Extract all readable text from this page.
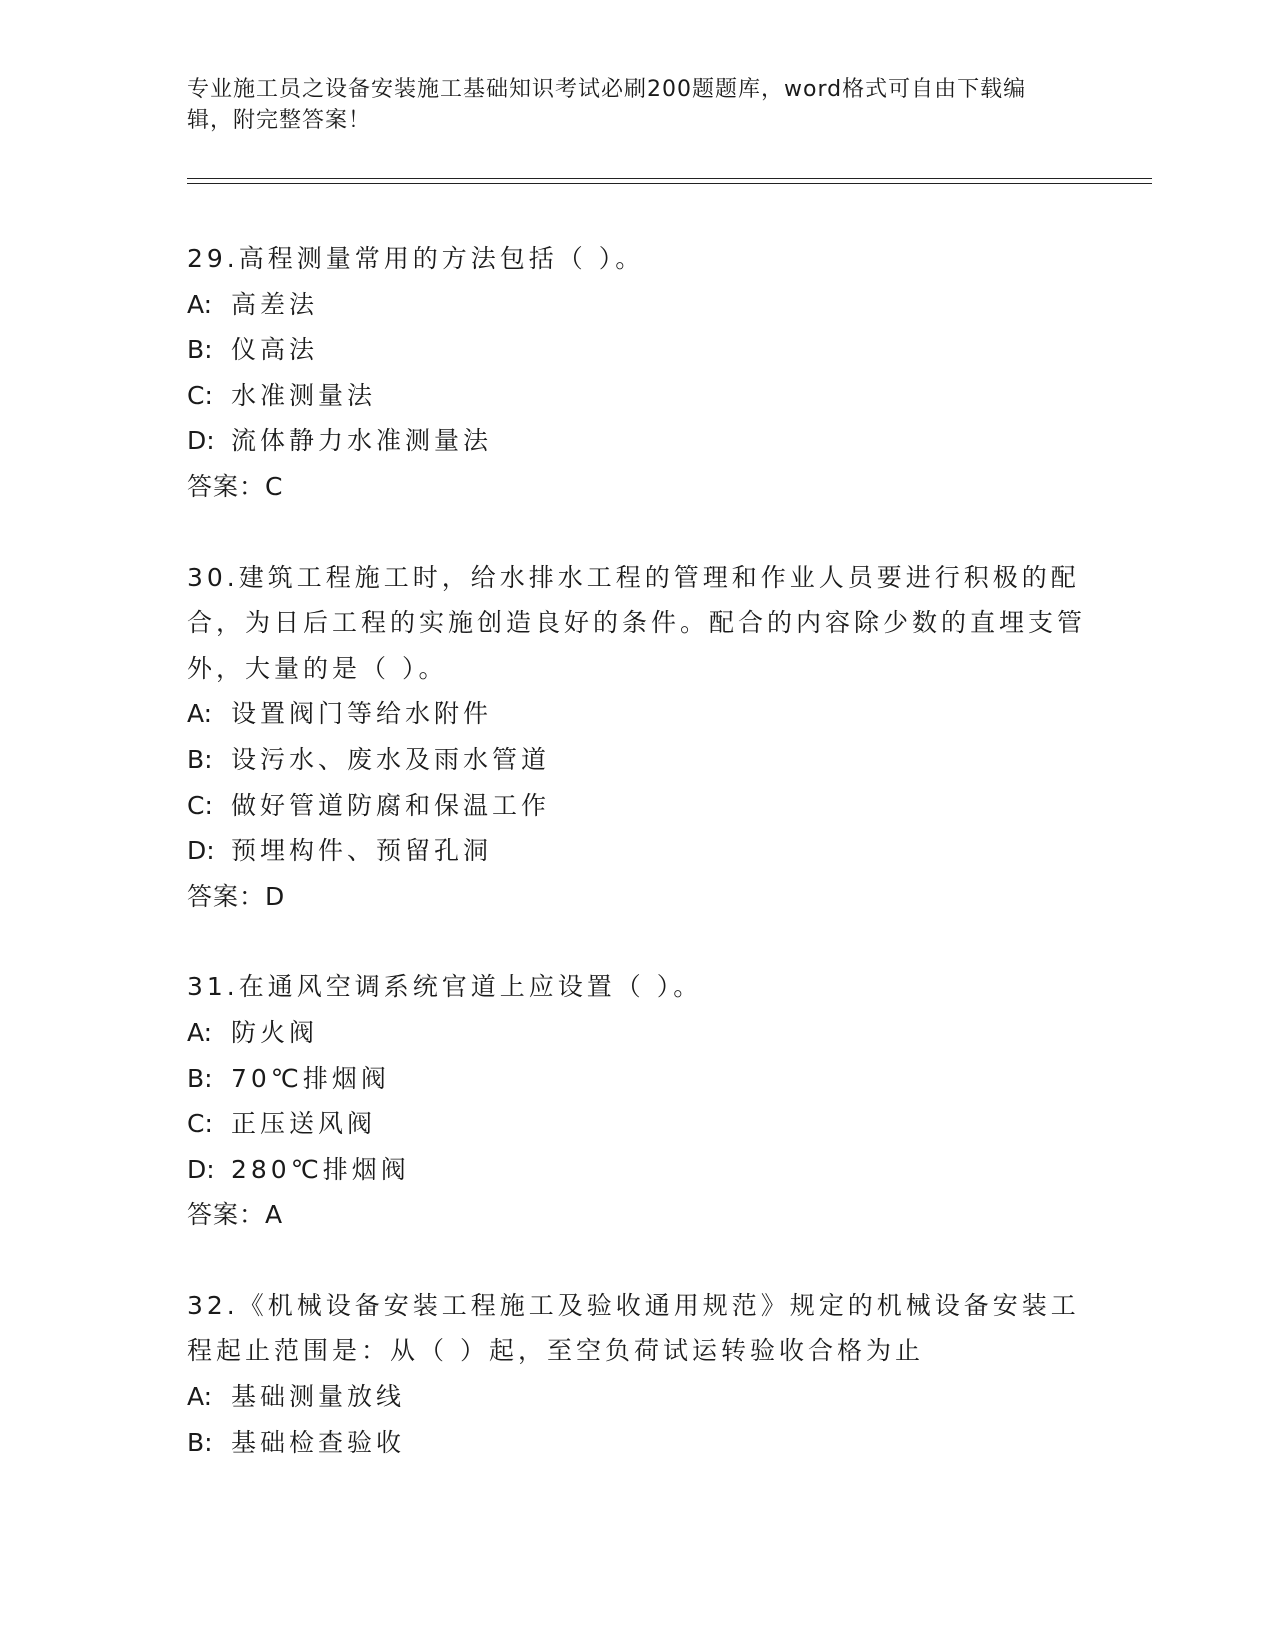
专业施工员之设备安装施工基础知识考试必刷200题题库，word格式可自由下载编辑，附完整答案！
29.高程测量常用的方法包括（ ）。
A: 高差法
B: 仪高法
C: 水准测量法
D: 流体静力水准测量法
答案：C
30.建筑工程施工时，给水排水工程的管理和作业人员要进行积极的配合，为日后工程的实施创造良好的条件。配合的内容除少数的直埋支管外，大量的是（ ）。
A: 设置阀门等给水附件
B: 设污水、废水及雨水管道
C: 做好管道防腐和保温工作
D: 预埋构件、预留孔洞
答案：D
31.在通风空调系统官道上应设置（ ）。
A: 防火阀
B: 70℃排烟阀
C: 正压送风阀
D: 280℃排烟阀
答案：A
32.《机械设备安装工程施工及验收通用规范》规定的机械设备安装工程起止范围是：从（ ）起，至空负荷试运转验收合格为止
A: 基础测量放线
B: 基础检查验收
